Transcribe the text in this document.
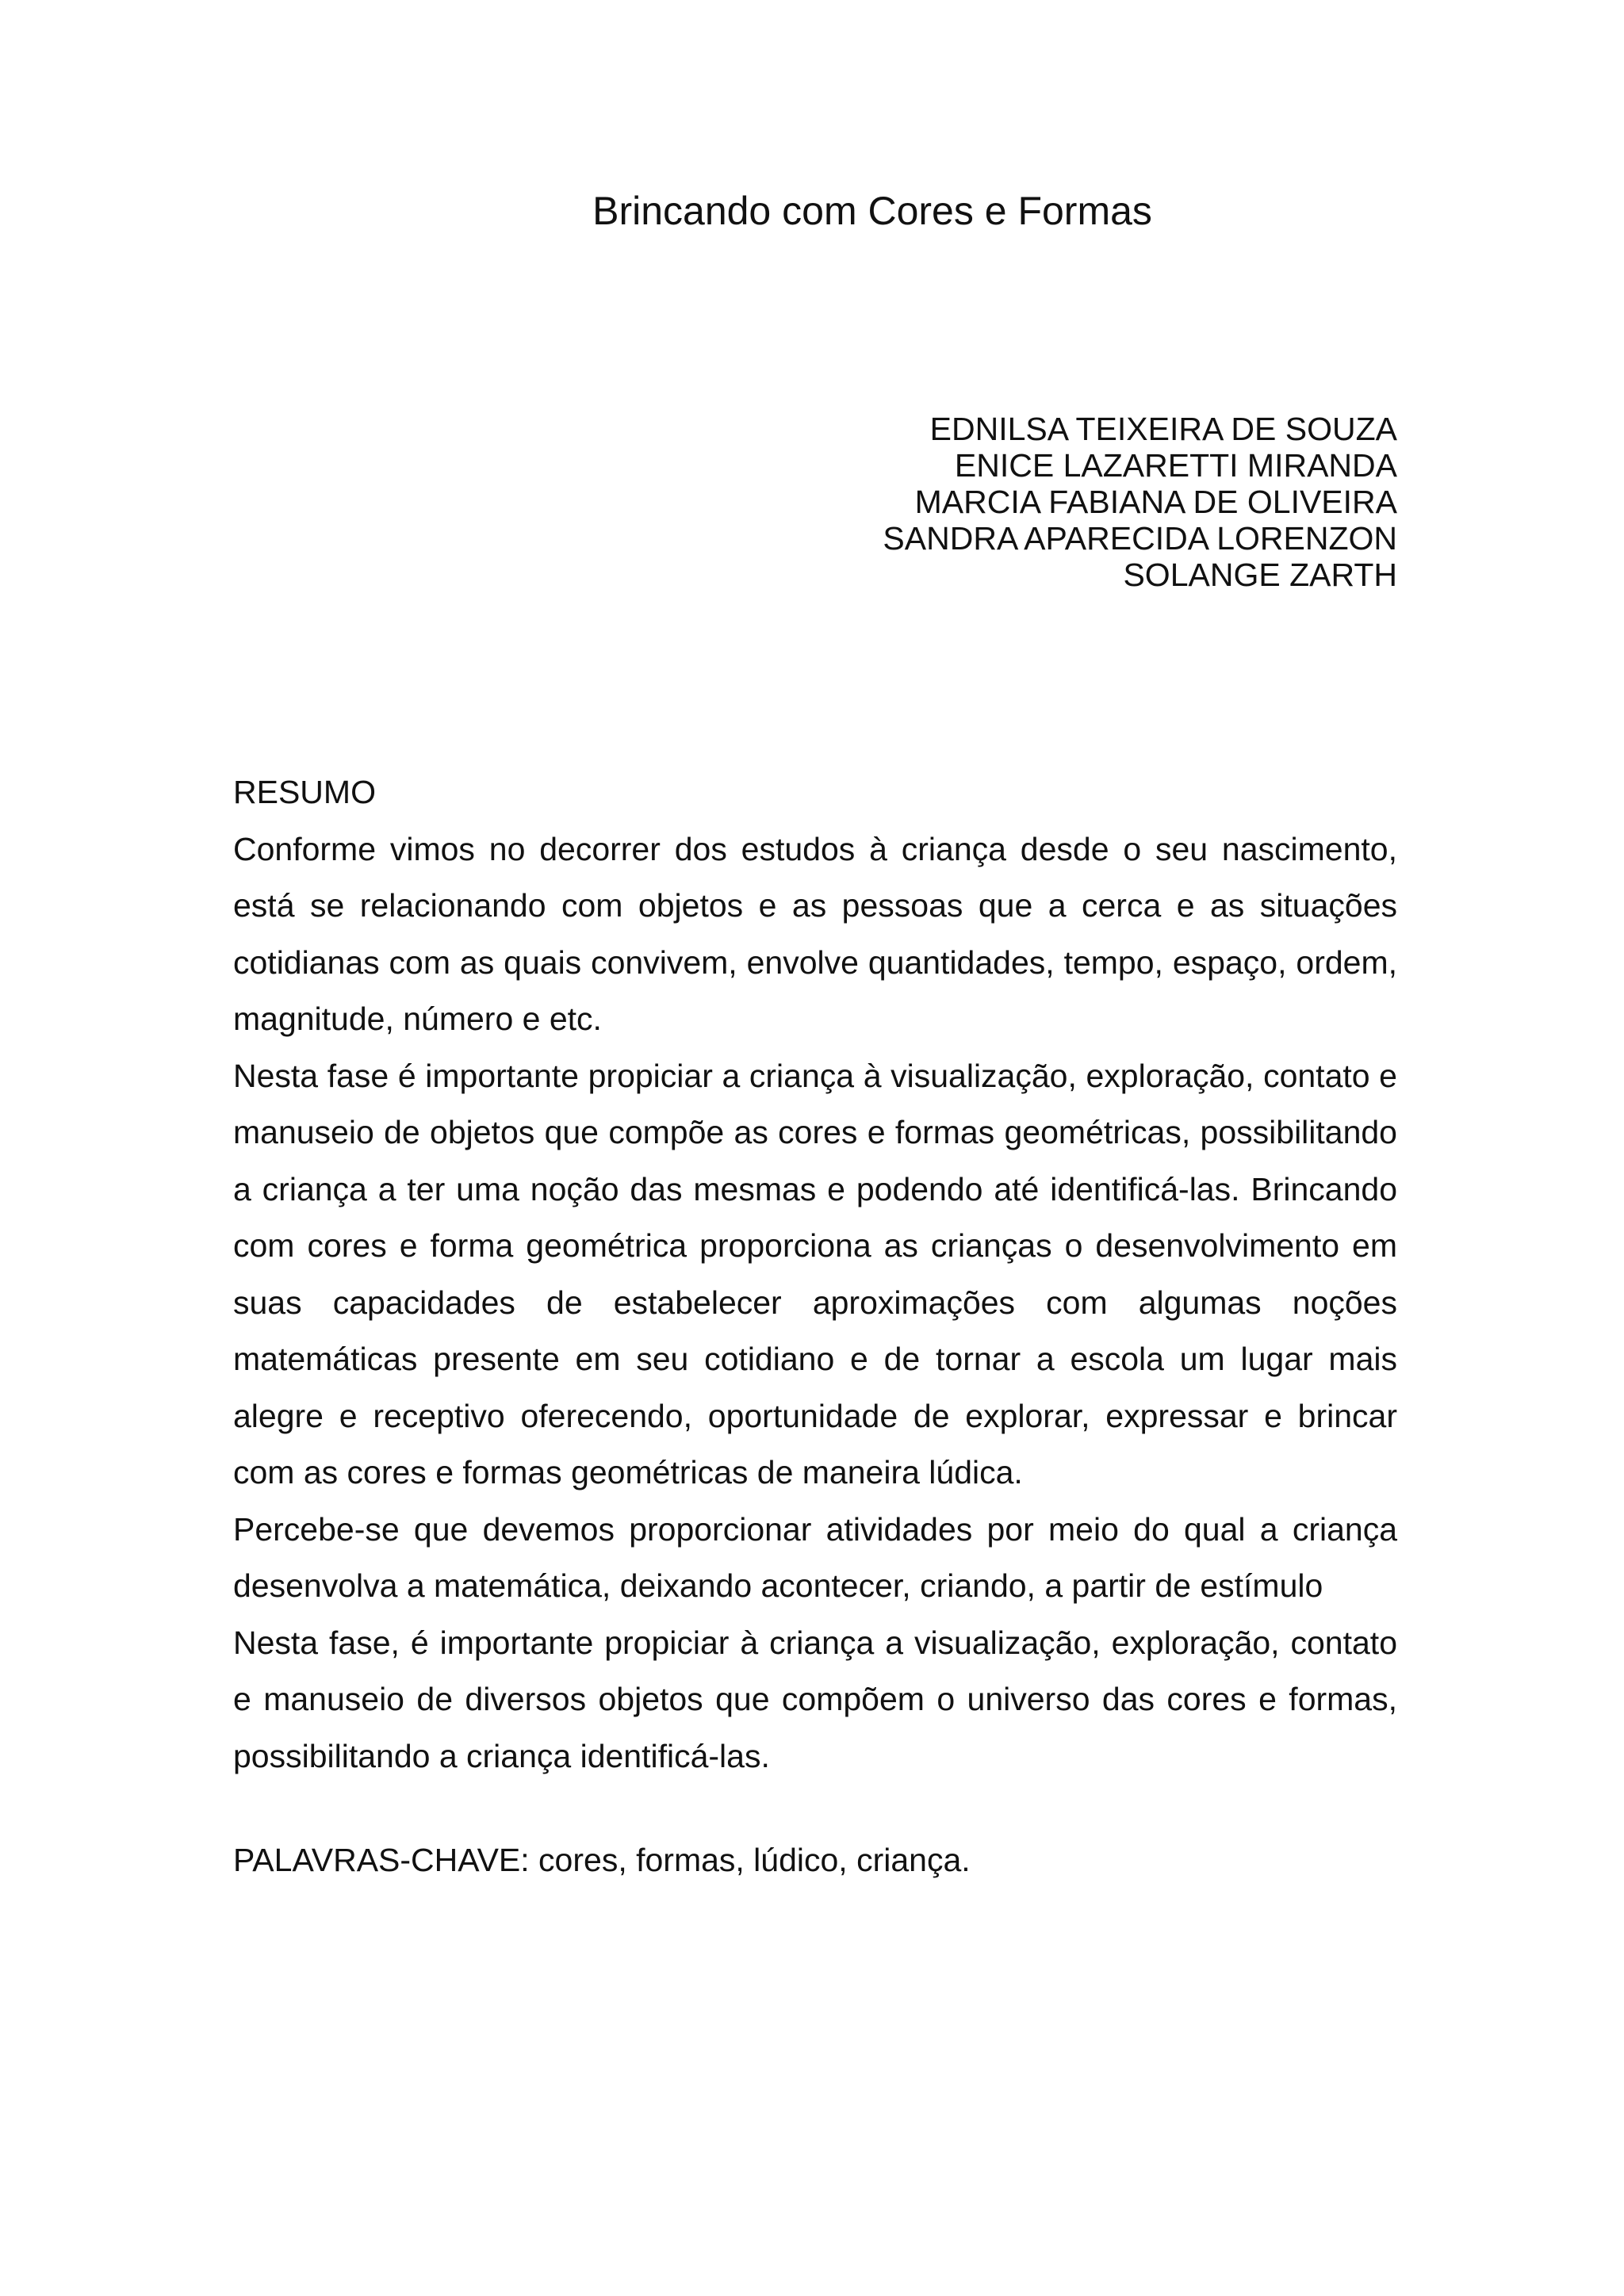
Brincando com Cores e Formas
EDNILSA TEIXEIRA DE SOUZA
ENICE LAZARETTI MIRANDA
MARCIA FABIANA DE OLIVEIRA
SANDRA APARECIDA LORENZON
SOLANGE ZARTH
RESUMO

Conforme vimos no decorrer dos estudos à criança desde o seu nascimento, está se relacionando com objetos e as pessoas que a cerca e as situações cotidianas com as quais convivem, envolve quantidades, tempo, espaço, ordem, magnitude, número e etc.

Nesta fase é importante propiciar a criança à visualização, exploração, contato e manuseio de objetos que compõe as cores e formas geométricas, possibilitando a criança a ter uma noção das mesmas e podendo até identificá-las. Brincando com cores e forma geométrica proporciona as crianças o desenvolvimento em suas capacidades de estabelecer aproximações com algumas noções matemáticas presente em seu cotidiano e de tornar a escola um lugar mais alegre e receptivo oferecendo, oportunidade de explorar, expressar e brincar com as cores e formas geométricas de maneira lúdica.

Percebe-se que devemos proporcionar atividades por meio do qual a criança desenvolva a matemática, deixando acontecer, criando, a partir de estímulo

Nesta fase, é importante propiciar à criança a visualização, exploração, contato e manuseio de diversos objetos que compõem o universo das cores e formas, possibilitando a criança identificá-las.

PALAVRAS-CHAVE: cores, formas, lúdico, criança.
